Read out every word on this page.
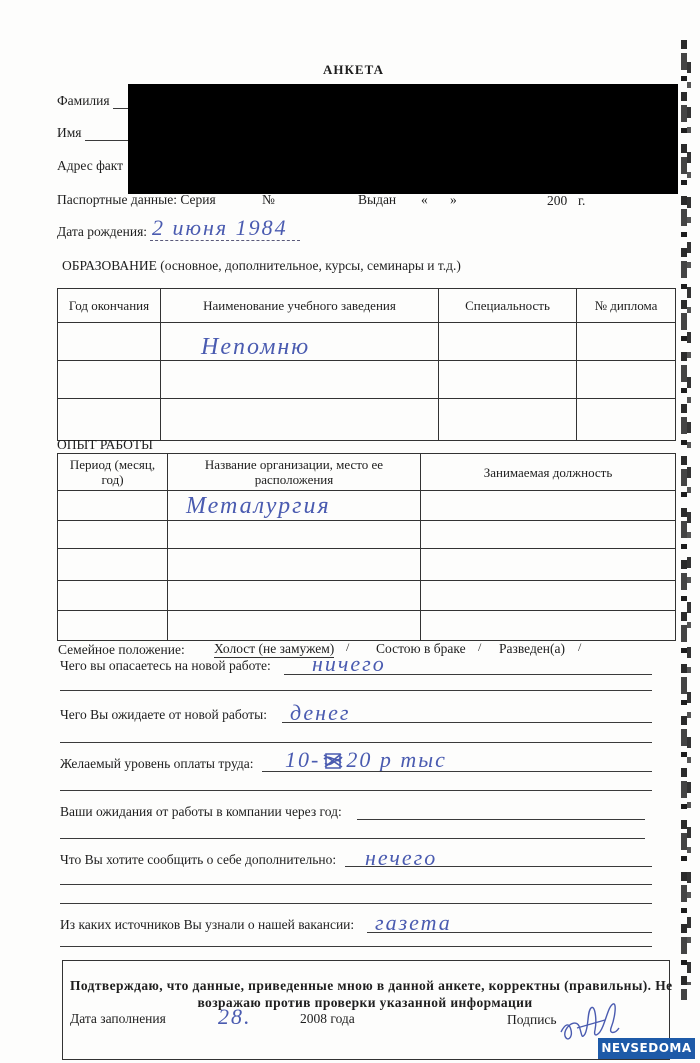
АНКЕТА
Фамилия
Имя
Адрес факт
Паспортные данные: Серия	№	Выдан « »	200 г.
Дата рождения: 2 июня 1984
ОБРАЗОВАНИЕ (основное, дополнительное, курсы, семинары и т.д.)
Год окончания	Наименование учебного заведения	Специальность	№ диплома
	Непомню		

ОПЫТ РАБОТЫ
Период (месяц, год)	Название организации, место ее расположения	Занимаемая должность
	Металургия	

Семейное положение: Холост (не замужем) / Состою в браке / Разведен(а) /
Чего вы опасаетесь на новой работе: ничего
Чего Вы ожидаете от новой работы: денег
Желаемый уровень оплаты труда: 10- 20 р тыс
Ваши ожидания от работы в компании через год:
Что Вы хотите сообщить о себе дополнительно: нечего
Из каких источников Вы узнали о нашей вакансии: газета
Подтверждаю, что данные, приведенные мною в данной анкете, корректны (правильны). Не
возражаю против проверки указанной информации
Дата заполнения 28.	2008 года	Подпись
NEVSEDOMA
